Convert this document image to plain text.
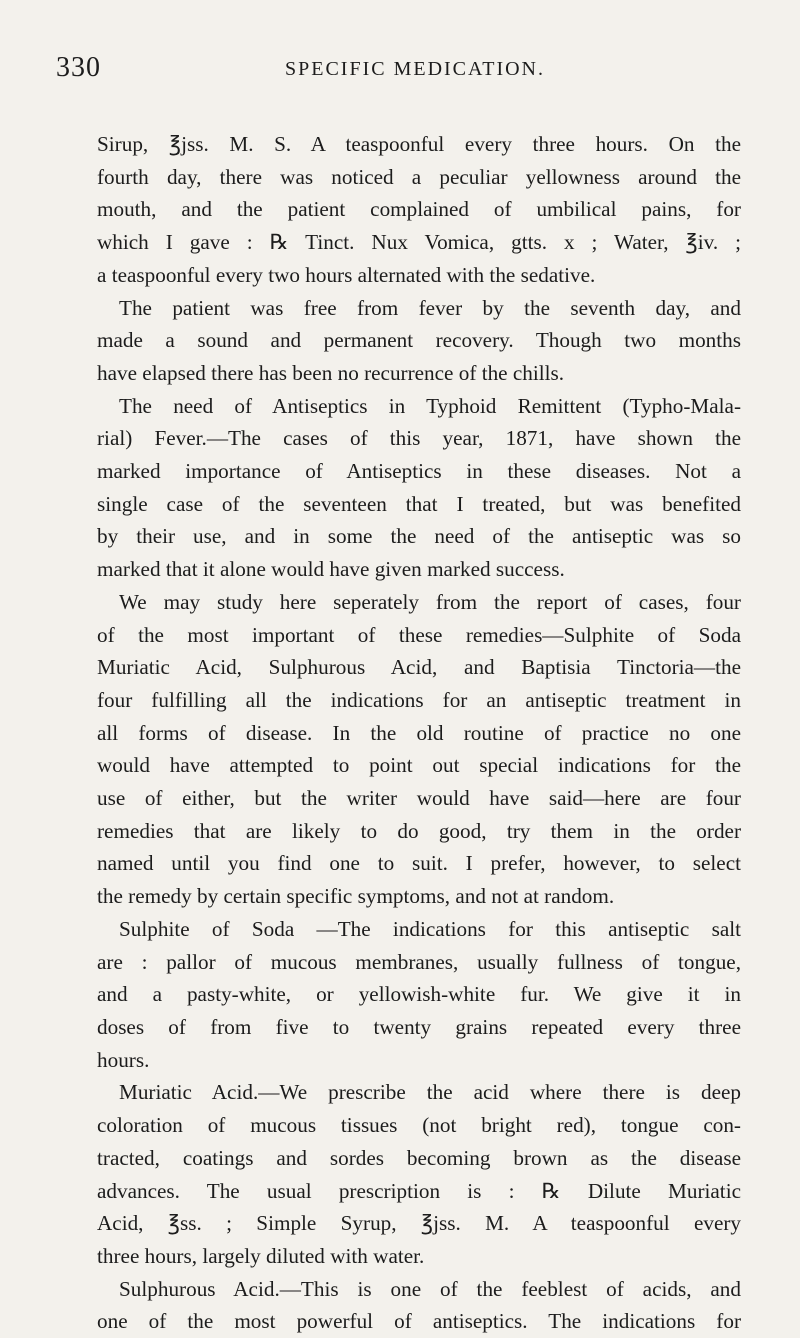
330	SPECIFIC MEDICATION.
Sirup, ℥jss. M. S. A teaspoonful every three hours. On the
fourth day, there was noticed a peculiar yellowness around the
mouth, and the patient complained of umbilical pains, for
which I gave : ℞ Tinct. Nux Vomica, gtts. x ; Water, ℥iv. ;
a teaspoonful every two hours alternated with the sedative.
The patient was free from fever by the seventh day, and
made a sound and permanent recovery. Though two months
have elapsed there has been no recurrence of the chills.
The need of Antiseptics in Typhoid Remittent (Typho-Mala-
rial) Fever.—The cases of this year, 1871, have shown the
marked importance of Antiseptics in these diseases. Not a
single case of the seventeen that I treated, but was benefited
by their use, and in some the need of the antiseptic was so
marked that it alone would have given marked success.
We may study here seperately from the report of cases, four
of the most important of these remedies—Sulphite of Soda
Muriatic Acid, Sulphurous Acid, and Baptisia Tinctoria—the
four fulfilling all the indications for an antiseptic treatment in
all forms of disease. In the old routine of practice no one
would have attempted to point out special indications for the
use of either, but the writer would have said—here are four
remedies that are likely to do good, try them in the order
named until you find one to suit. I prefer, however, to select
the remedy by certain specific symptoms, and not at random.
Sulphite of Soda —The indications for this antiseptic salt
are : pallor of mucous membranes, usually fullness of tongue,
and a pasty-white, or yellowish-white fur. We give it in
doses of from five to twenty grains repeated every three
hours.
Muriatic Acid.—We prescribe the acid where there is deep
coloration of mucous tissues (not bright red), tongue con-
tracted, coatings and sordes becoming brown as the disease
advances. The usual prescription is : ℞ Dilute Muriatic
Acid, ℥ss. ; Simple Syrup, ℥jss. M. A teaspoonful every
three hours, largely diluted with water.
Sulphurous Acid.—This is one of the feeblest of acids, and
one of the most powerful of antiseptics. The indications for
